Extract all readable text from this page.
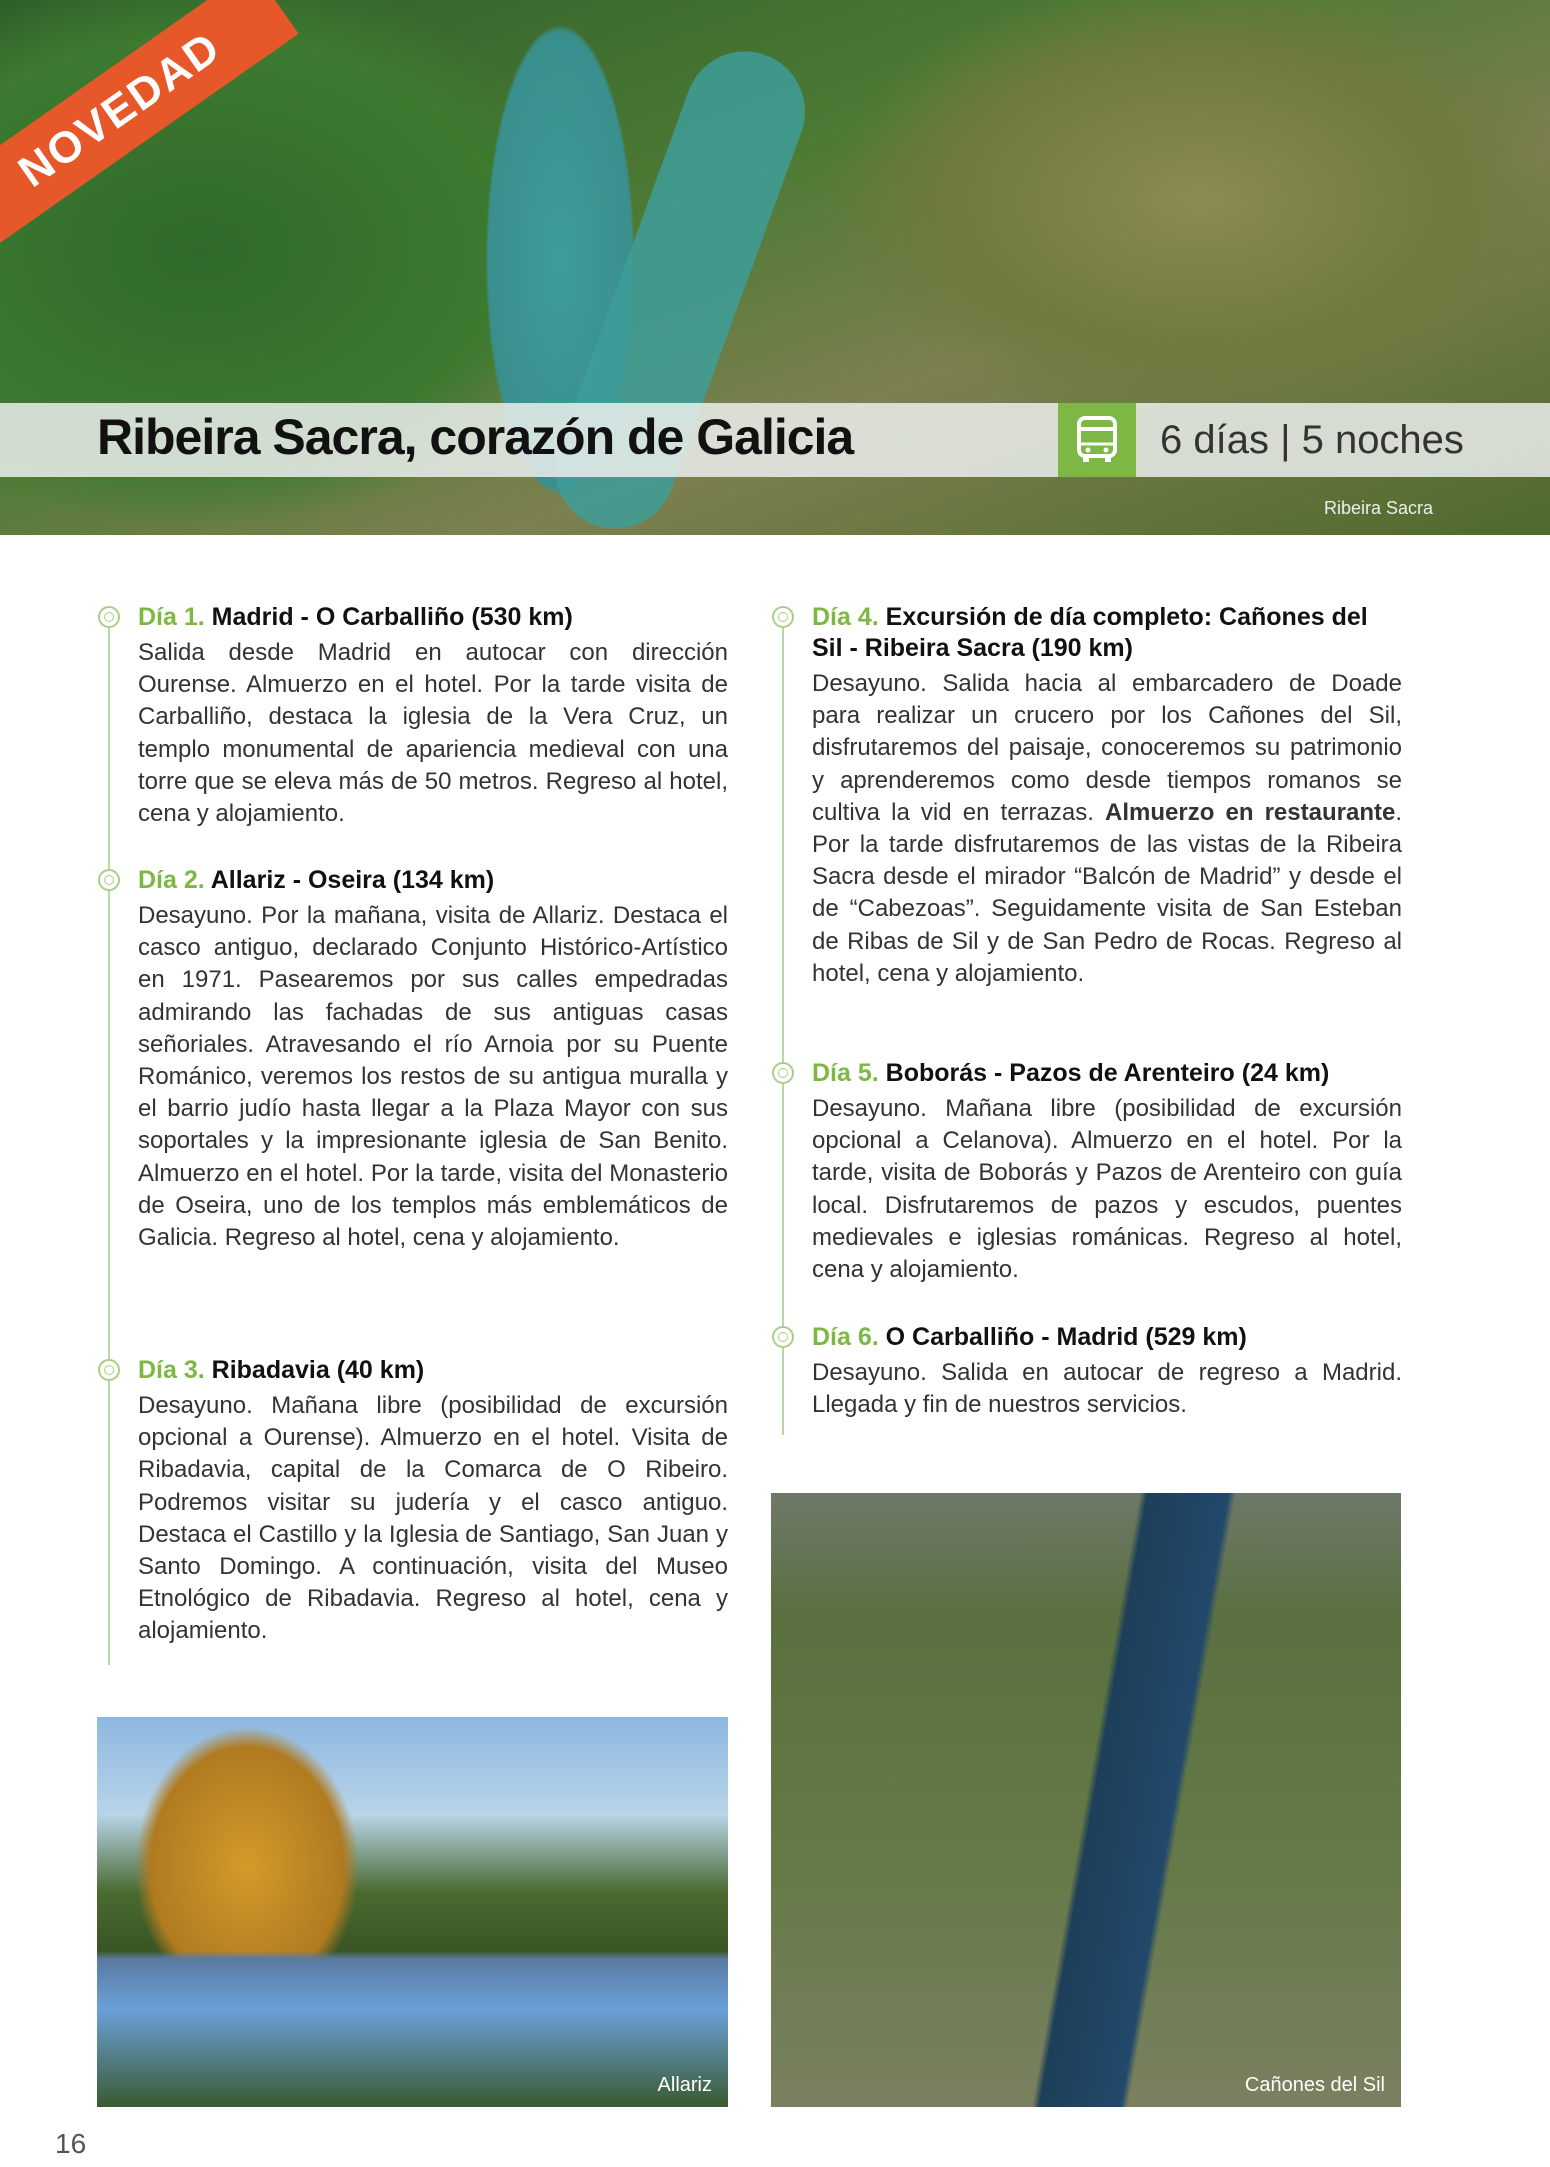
NOVEDAD
Ribeira Sacra, corazón de Galicia	6 días | 5 noches
Ribeira Sacra
Día 1. Madrid - O Carballiño (530 km)

Salida desde Madrid en autocar con dirección Ourense. Almuerzo en el hotel. Por la tarde visita de Carballiño, destaca la iglesia de la Vera Cruz, un templo monumental de apariencia medieval con una torre que se eleva más de 50 metros. Regreso al hotel, cena y alojamiento.

Día 2. Allariz - Oseira (134 km)

Desayuno. Por la mañana, visita de Allariz. Destaca el casco antiguo, declarado Conjunto Histórico-Artístico en 1971. Pasearemos por sus calles empedradas admirando las fachadas de sus antiguas casas señoriales. Atravesando el río Arnoia por su Puente Románico, veremos los restos de su antigua muralla y el barrio judío hasta llegar a la Plaza Mayor con sus soportales y la impresionante iglesia de San Benito. Almuerzo en el hotel. Por la tarde, visita del Monasterio de Oseira, uno de los templos más emblemáticos de Galicia. Regreso al hotel, cena y alojamiento.

Día 3. Ribadavia (40 km)

Desayuno. Mañana libre (posibilidad de excursión opcional a Ourense). Almuerzo en el hotel. Visita de Ribadavia, capital de la Comarca de O Ribeiro. Podremos visitar su judería y el casco antiguo. Destaca el Castillo y la Iglesia de Santiago, San Juan y Santo Domingo. A continuación, visita del Museo Etnológico de Ribadavia. Regreso al hotel, cena y alojamiento.

Día 4. Excursión de día completo: Cañones del Sil - Ribeira Sacra (190 km)

Desayuno. Salida hacia al embarcadero de Doade para realizar un crucero por los Cañones del Sil, disfrutaremos del paisaje, conoceremos su patrimonio y aprenderemos como desde tiempos romanos se cultiva la vid en terrazas. Almuerzo en restaurante. Por la tarde disfrutaremos de las vistas de la Ribeira Sacra desde el mirador “Balcón de Madrid” y desde el de “Cabezoas”. Seguidamente visita de San Esteban de Ribas de Sil y de San Pedro de Rocas. Regreso al hotel, cena y alojamiento.

Día 5. Boborás - Pazos de Arenteiro (24 km)

Desayuno. Mañana libre (posibilidad de excursión opcional a Celanova). Almuerzo en el hotel. Por la tarde, visita de Boborás y Pazos de Arenteiro con guía local. Disfrutaremos de pazos y escudos, puentes medievales e iglesias románicas. Regreso al hotel, cena y alojamiento.

Día 6. O Carballiño - Madrid (529 km)

Desayuno. Salida en autocar de regreso a Madrid. Llegada y fin de nuestros servicios.

Allariz	Cañones del Sil
16
